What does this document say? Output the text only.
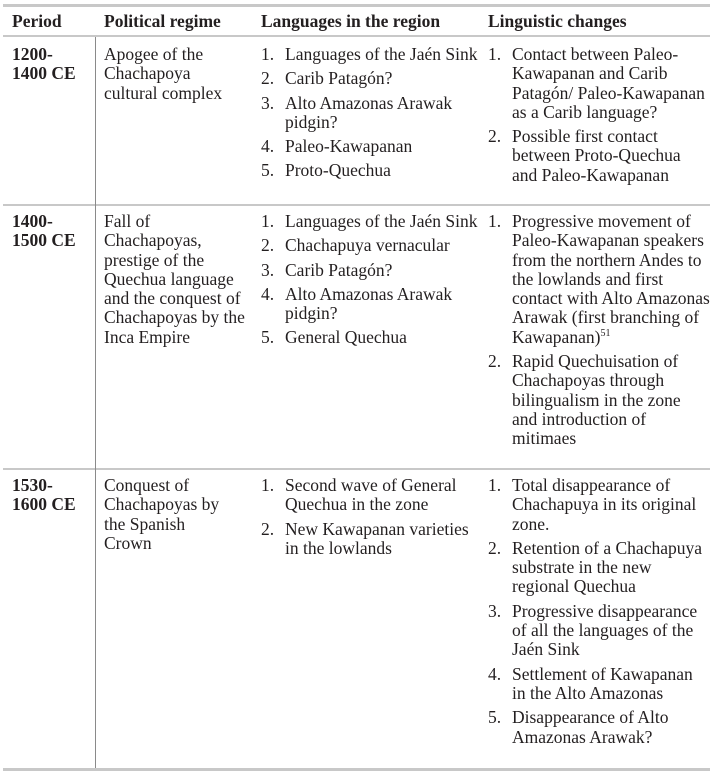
Period Political regime Languages in the region	Linguistic changes
1200-
1400 CE
Apogee of the Chachapoya cultural complex
1. Languages of the Jaén Sink
2. Carib Patagón?
3. Alto Amazonas Arawak pidgin?
4. Paleo-Kawapanan
5. Proto-Quechua
1. Contact between Paleo-Kawapanan and Carib Patagón/ Paleo-Kawapanan as a Carib language?
2. Possible first contact between Proto-Quechua and Paleo-Kawapanan
1400-
1500 CE
Fall of Chachapoyas, prestige of the Quechua language and the conquest of Chachapoyas by the Inca Empire
1. Languages of the Jaén Sink
2. Chachapuya vernacular
3. Carib Patagón?
4. Alto Amazonas Arawak pidgin?
5. General Quechua
1. Progressive movement of Paleo-Kawapanan speakers from the northern Andes to the lowlands and first contact with Alto Amazonas Arawak (first branching of Kawapanan)$^{51}$
2. Rapid Quechuisation of Chachapoyas through bilingualism in the zone and introduction of mitimaes
1530-
1600 CE
Conquest of Chachapoyas by the Spanish Crown
1. Second wave of General Quechua in the zone
2. New Kawapanan varieties in the lowlands
1. Total disappearance of Chachapuya in its original zone.
2. Retention of a Chachapuya substrate in the new regional Quechua
3. Progressive disappearance of all the languages of the Jaén Sink
4. Settlement of Kawapanan in the Alto Amazonas
5. Disappearance of Alto Amazonas Arawak?
